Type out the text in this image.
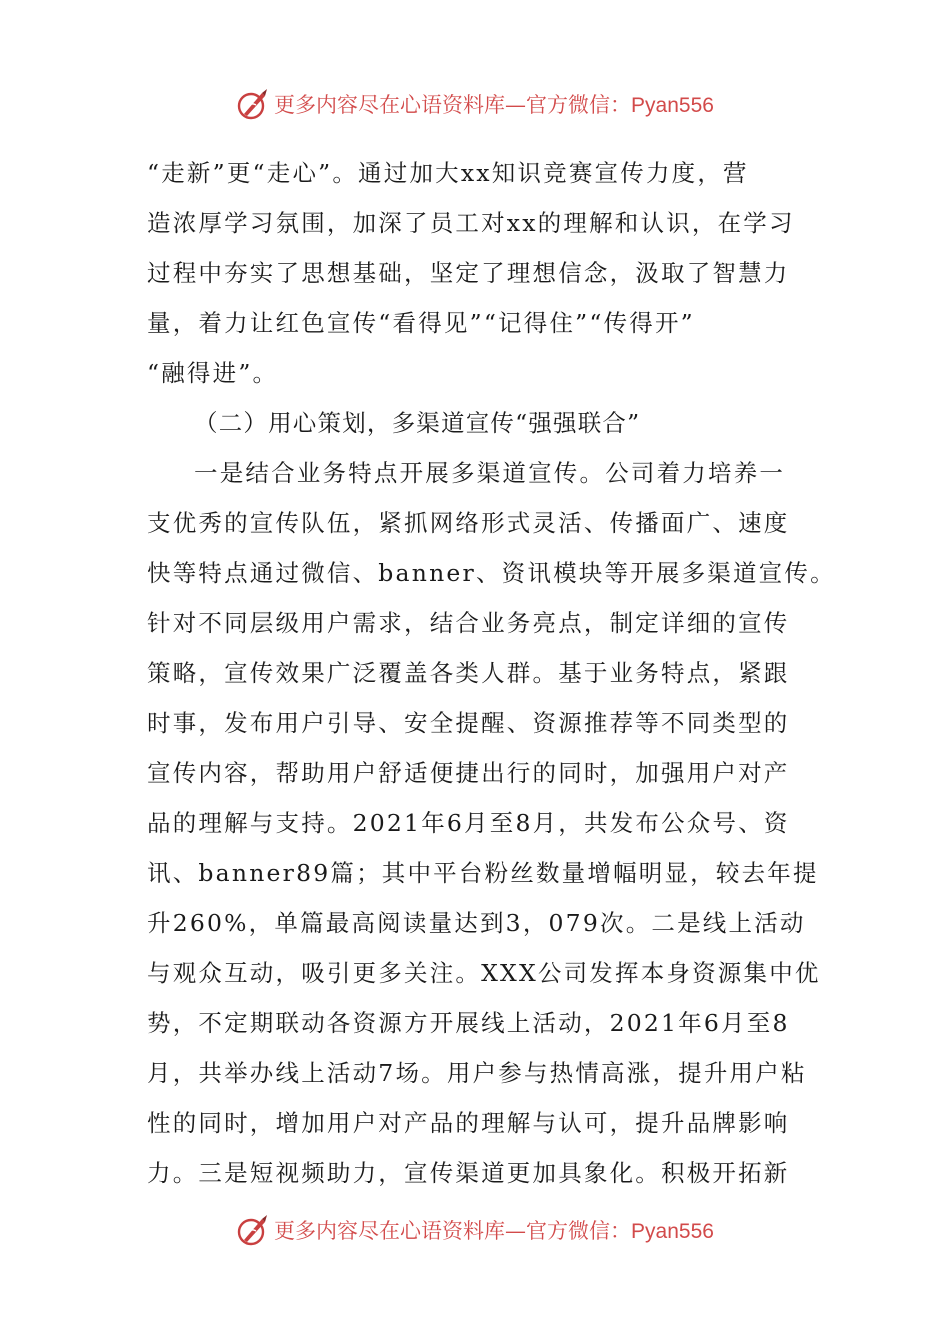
更多内容尽在心语资料库—官方微信：Pyan556
“走新”更“走心”。通过加大xx知识竞赛宣传力度，营
造浓厚学习氛围，加深了员工对xx的理解和认识，在学习
过程中夯实了思想基础，坚定了理想信念，汲取了智慧力
量，着力让红色宣传“看得见”“记得住”“传得开”
“融得进”。
（二）用心策划，多渠道宣传“强强联合”
一是结合业务特点开展多渠道宣传。公司着力培养一
支优秀的宣传队伍，紧抓网络形式灵活、传播面广、速度
快等特点通过微信、banner、资讯模块等开展多渠道宣传。
针对不同层级用户需求，结合业务亮点，制定详细的宣传
策略，宣传效果广泛覆盖各类人群。基于业务特点，紧跟
时事，发布用户引导、安全提醒、资源推荐等不同类型的
宣传内容，帮助用户舒适便捷出行的同时，加强用户对产
品的理解与支持。2021年6月至8月，共发布公众号、资
讯、banner89篇；其中平台粉丝数量增幅明显，较去年提
升260%，单篇最高阅读量达到3，079次。二是线上活动
与观众互动，吸引更多关注。XXX公司发挥本身资源集中优
势，不定期联动各资源方开展线上活动，2021年6月至8
月，共举办线上活动7场。用户参与热情高涨，提升用户粘
性的同时，增加用户对产品的理解与认可，提升品牌影响
力。三是短视频助力，宣传渠道更加具象化。积极开拓新
更多内容尽在心语资料库—官方微信：Pyan556
